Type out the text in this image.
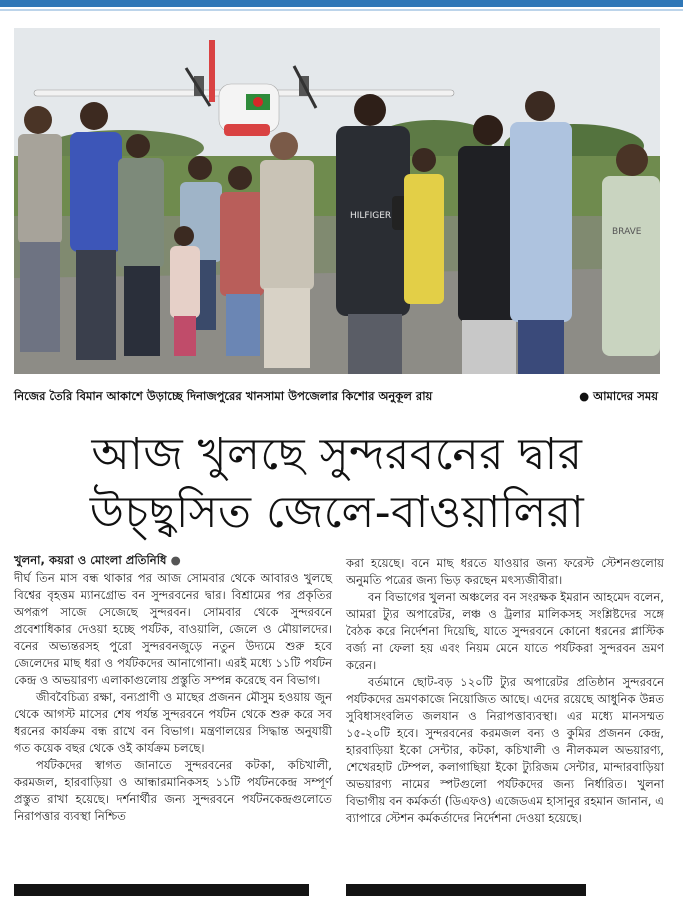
HILFIGER
BRAVE
নিজের তৈরি বিমান আকাশে উড়াচ্ছে দিনাজপুরের খানসামা উপজেলার কিশোর অনুকূল রায়	● আমাদের সময়
আজ খুলছে সুন্দরবনের দ্বার
উচ্ছ্বসিত জেলে-বাওয়ালিরা
খুলনা, কয়রা ও মোংলা প্রতিনিধি ●

দীর্ঘ তিন মাস বন্ধ থাকার পর আজ সোমবার থেকে আবারও খুলছে বিশ্বের বৃহত্তম ম্যানগ্রোভ বন সুন্দরবনের দ্বার। বিশ্রামের পর প্রকৃতির অপরূপ সাজে সেজেছে সুন্দরবন। সোমবার থেকে সুন্দরবনে প্রবেশাধিকার দেওয়া হচ্ছে পর্যটক, বাওয়ালি, জেলে ও মৌয়ালদের। বনের অভ্যন্তরসহ পুরো সুন্দরবনজুড়ে নতুন উদ্যমে শুরু হবে জেলেদের মাছ ধরা ও পর্যটকদের আনাগোনা। এরই মধ্যে ১১টি পর্যটন কেন্দ্র ও অভয়ারণ্য এলাকাগুলোয় প্রস্তুতি সম্পন্ন করেছে বন বিভাগ।

জীববৈচিত্র্য রক্ষা, বন্যপ্রাণী ও মাছের প্রজনন মৌসুম হওয়ায় জুন থেকে আগস্ট মাসের শেষ পর্যন্ত সুন্দরবনে পর্যটন থেকে শুরু করে সব ধরনের কার্যক্রম বন্ধ রাখে বন বিভাগ। মন্ত্রণালয়ের সিদ্ধান্ত অনুযায়ী গত কয়েক বছর থেকে ওই কার্যক্রম চলছে।

পর্যটকদের স্বাগত জানাতে সুন্দরবনের কটকা, কচিখালী, করমজল, হারবাড়িয়া ও আন্ধারমানিকসহ ১১টি পর্যটনকেন্দ্র সম্পূর্ণ প্রস্তুত রাখা হয়েছে। দর্শনার্থীর জন্য সুন্দরবনে পর্যটনকেন্দ্রগুলোতে নিরাপত্তার ব্যবস্থা নিশ্চিত

করা হয়েছে। বনে মাছ ধরতে যাওয়ার জন্য ফরেস্ট স্টেশনগুলোয় অনুমতি পত্রের জন্য ভিড় করছেন মৎস্যজীবীরা।

বন বিভাগের খুলনা অঞ্চলের বন সংরক্ষক ইমরান আহমেদ বলেন, আমরা ট্যুর অপারেটর, লঞ্চ ও ট্রলার মালিকসহ সংশ্লিষ্টদের সঙ্গে বৈঠক করে নির্দেশনা দিয়েছি, যাতে সুন্দরবনে কোনো ধরনের প্লাস্টিক বর্জ্য না ফেলা হয় এবং নিয়ম মেনে যাতে পর্যটকরা সুন্দরবন ভ্রমণ করেন।

বর্তমানে ছোট-বড় ১২০টি ট্যুর অপারেটর প্রতিষ্ঠান সুন্দরবনে পর্যটকদের ভ্রমণকাজে নিয়োজিত আছে। এদের রয়েছে আধুনিক উন্নত সুবিধাসংবলিত জলযান ও নিরাপত্তাব্যবস্থা। এর মধ্যে মানসম্মত ১৫-২০টি হবে। সুন্দরবনের করমজল বন্য ও কুমির প্রজনন কেন্দ্র, হারবাড়িয়া ইকো সেন্টার, কটকা, কচিখালী ও নীলকমল অভয়ারণ্য, শেখেরহাট টেম্পল, কলাগাছিয়া ইকো ট্যুরিজম সেন্টার, মান্দারবাড়িয়া অভয়ারণ্য নামের স্পটগুলো পর্যটকদের জন্য নির্ধারিত। খুলনা বিভাগীয় বন কর্মকর্তা (ডিএফও) এজেডএম হাসানুর রহমান জানান, এ ব্যাপারে স্টেশন কর্মকর্তাদের নির্দেশনা দেওয়া হয়েছে।
